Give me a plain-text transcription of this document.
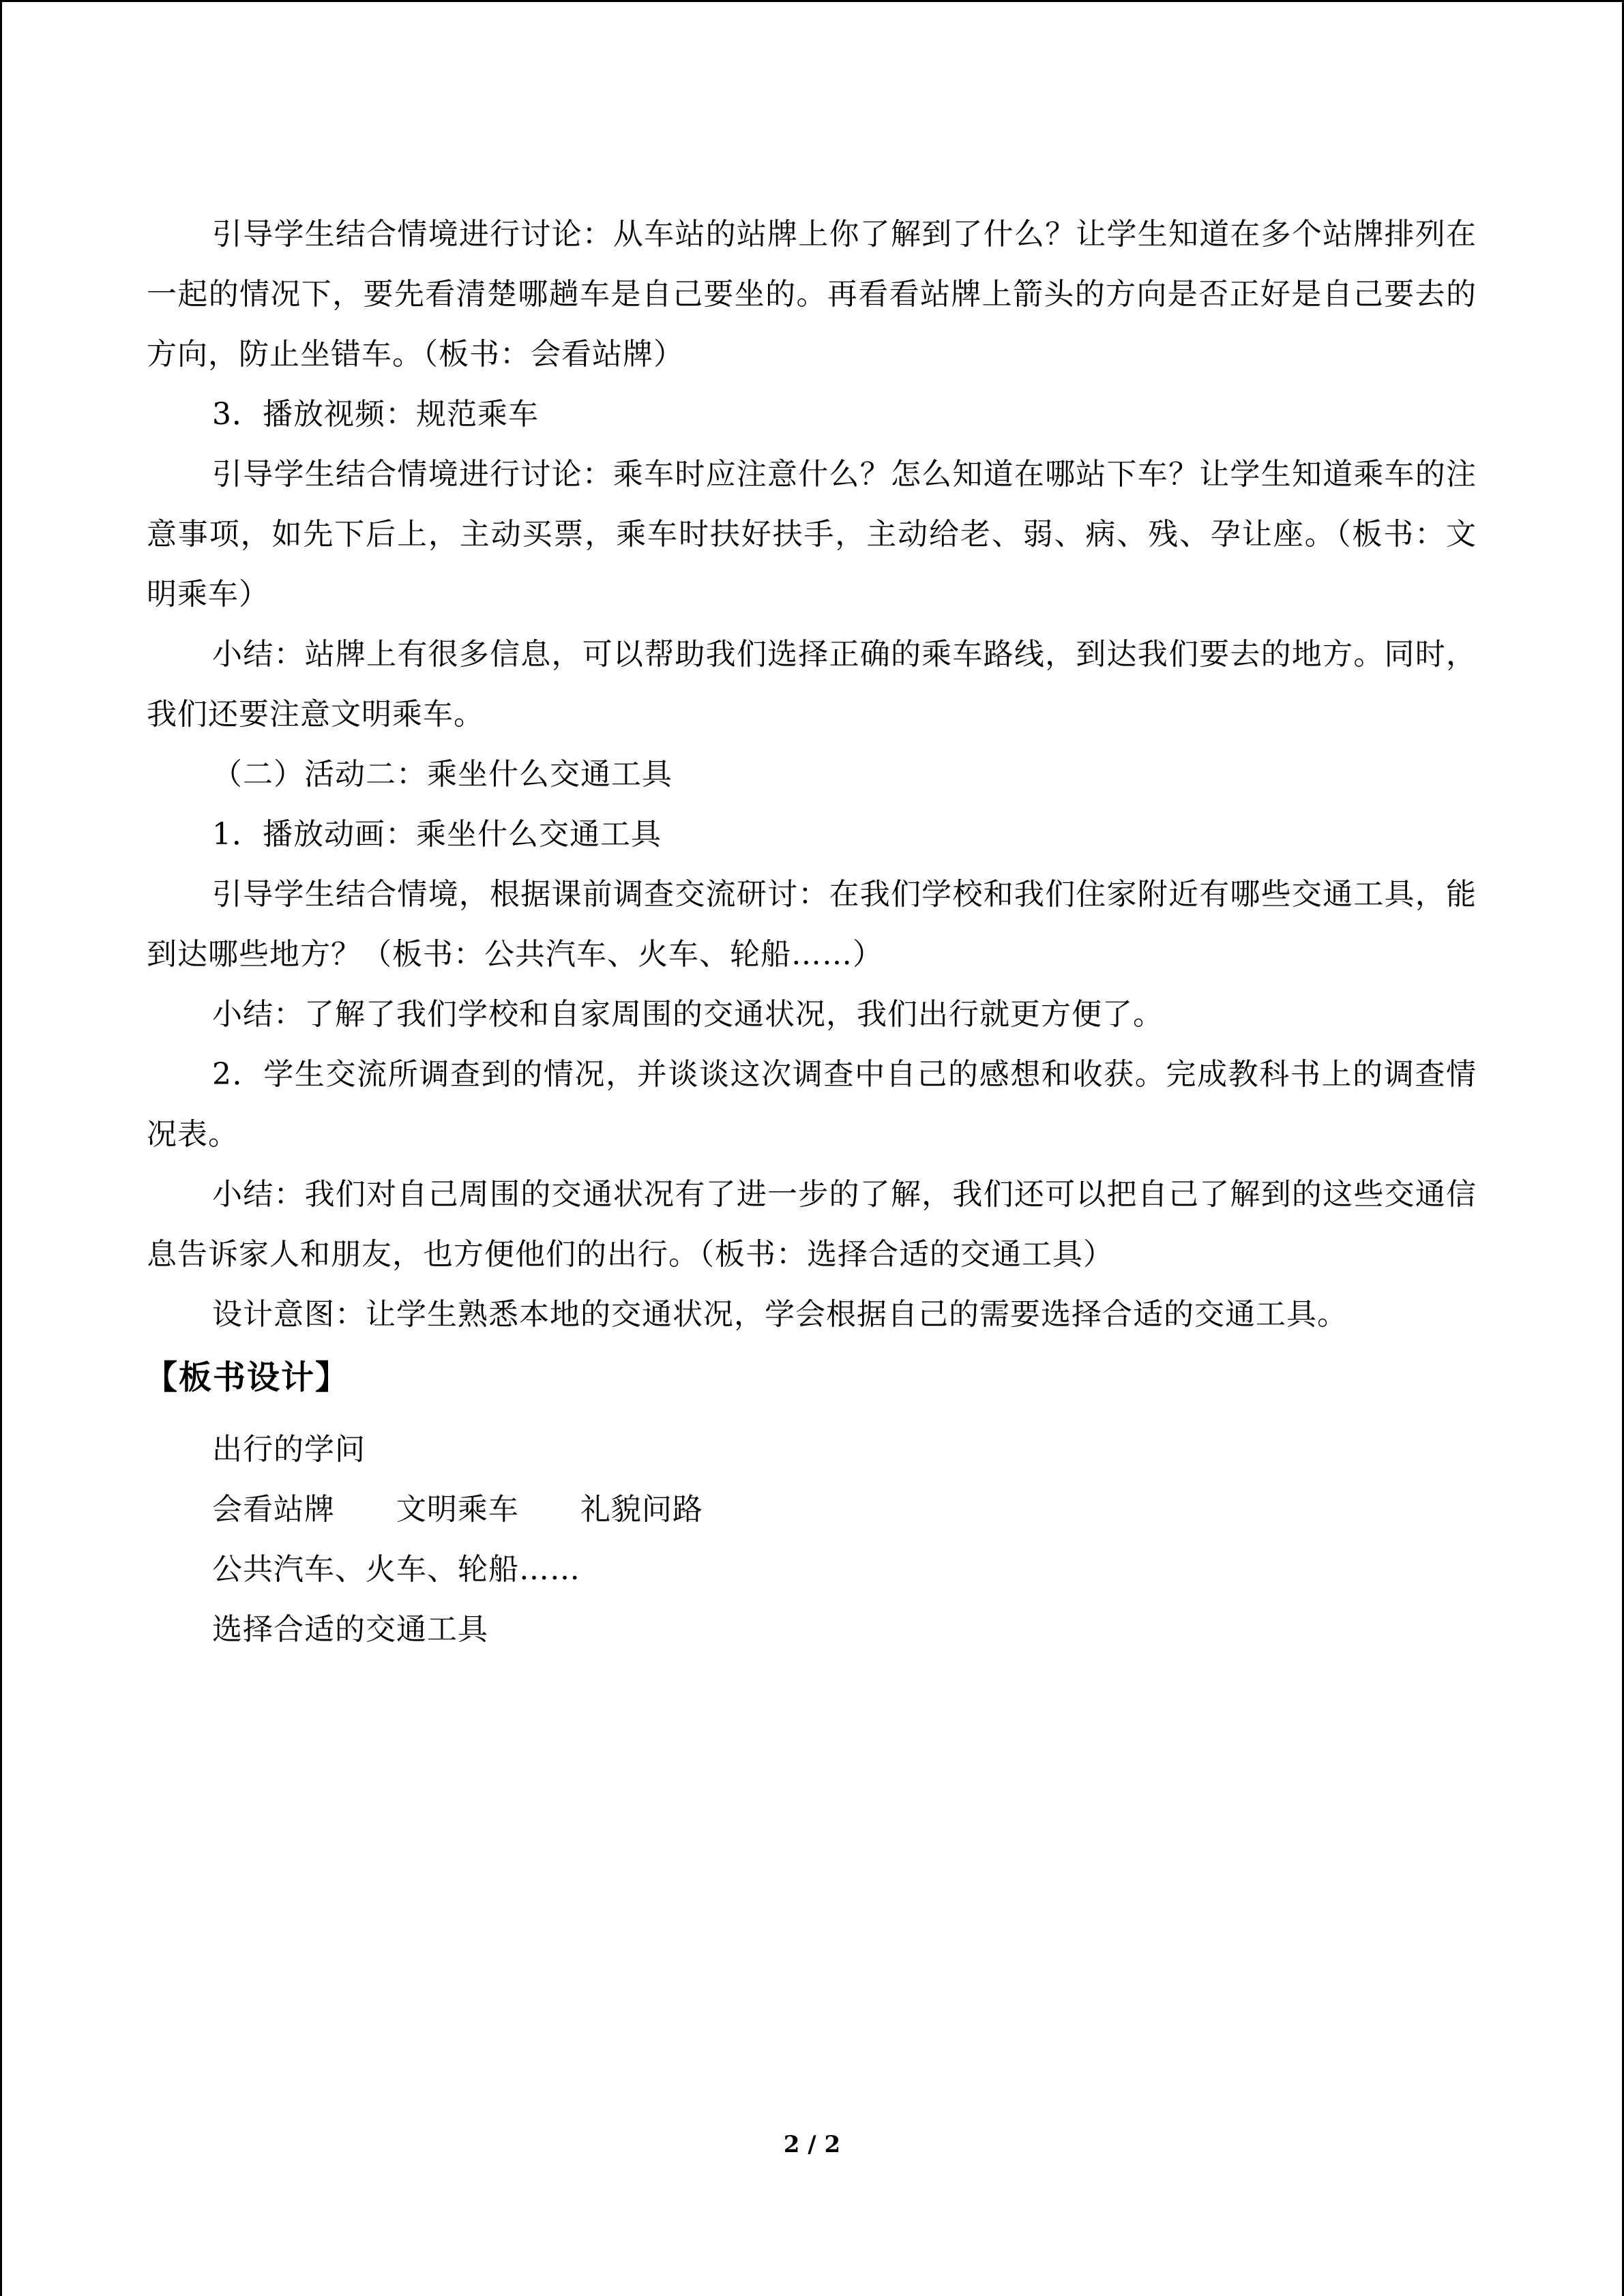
引导学生结合情境进行讨论：从车站的站牌上你了解到了什么？让学生知道在多个站牌排列在一起的情况下，要先看清楚哪趟车是自己要坐的。再看看站牌上箭头的方向是否正好是自己要去的方向，防止坐错车。（板书：会看站牌）

3．播放视频：规范乘车

引导学生结合情境进行讨论：乘车时应注意什么？怎么知道在哪站下车？让学生知道乘车的注意事项，如先下后上，主动买票，乘车时扶好扶手，主动给老、弱、病、残、孕让座。（板书：文明乘车）

小结：站牌上有很多信息，可以帮助我们选择正确的乘车路线，到达我们要去的地方。同时，我们还要注意文明乘车。

（二）活动二：乘坐什么交通工具

1．播放动画：乘坐什么交通工具

引导学生结合情境，根据课前调查交流研讨：在我们学校和我们住家附近有哪些交通工具，能到达哪些地方？（板书：公共汽车、火车、轮船……）

小结：了解了我们学校和自家周围的交通状况，我们出行就更方便了。

2．学生交流所调查到的情况，并谈谈这次调查中自己的感想和收获。完成教科书上的调查情况表。

小结：我们对自己周围的交通状况有了进一步的了解，我们还可以把自己了解到的这些交通信息告诉家人和朋友，也方便他们的出行。（板书：选择合适的交通工具）

设计意图：让学生熟悉本地的交通状况，学会根据自己的需要选择合适的交通工具。

【板书设计】
出行的学问
会看站牌      文明乘车      礼貌问路
公共汽车、火车、轮船……
选择合适的交通工具
2 / 2
